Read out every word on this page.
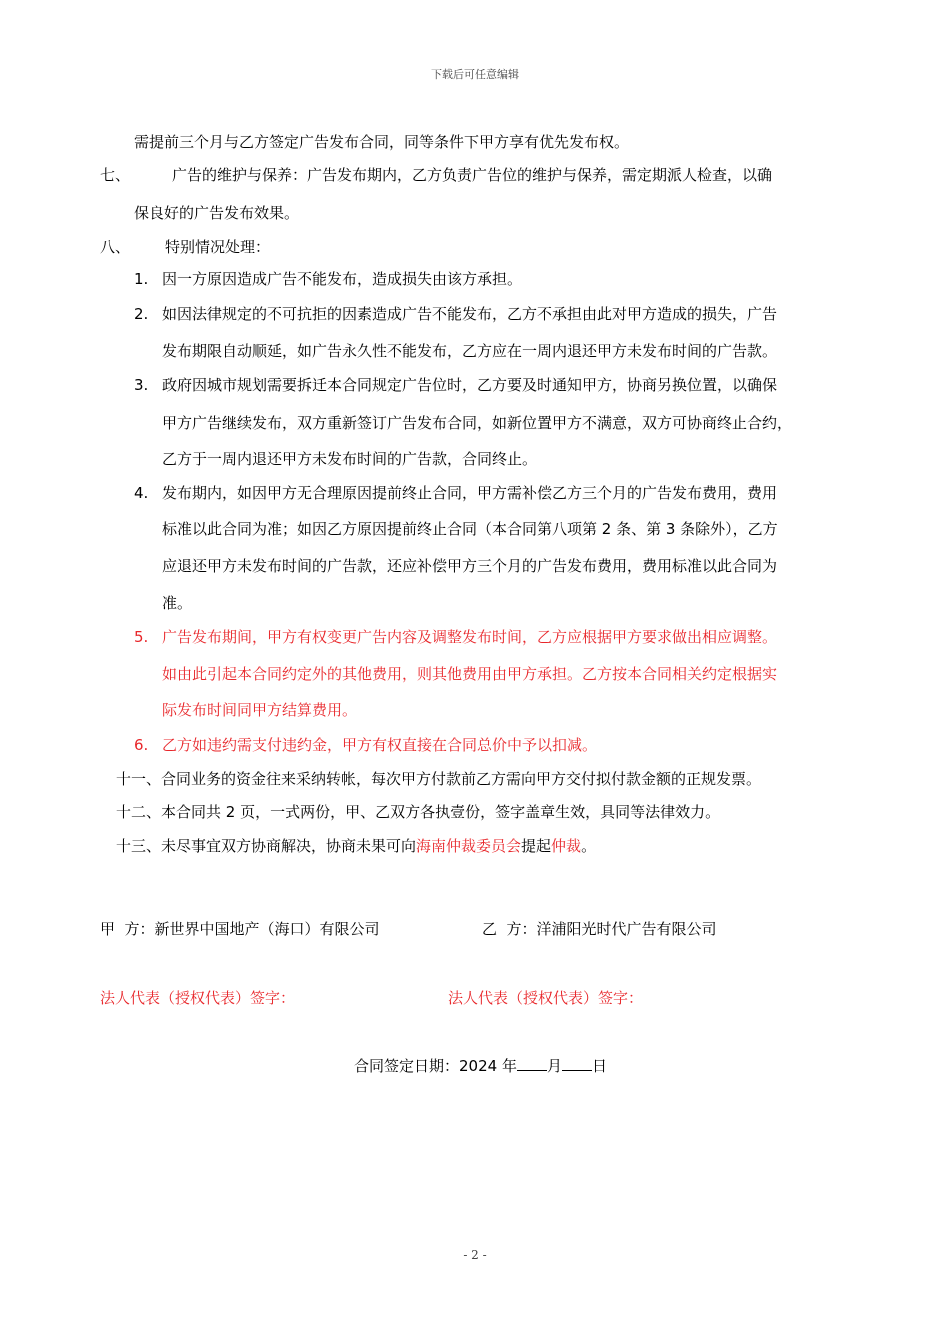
下载后可任意编辑
需提前三个月与乙方签定广告发布合同，同等条件下甲方享有优先发布权。
七、	广告的维护与保养：广告发布期内，乙方负责广告位的维护与保养，需定期派人检查，以确
保良好的广告发布效果。
八、 特别情况处理：
1. 因一方原因造成广告不能发布，造成损失由该方承担。
2. 如因法律规定的不可抗拒的因素造成广告不能发布，乙方不承担由此对甲方造成的损失，广告
发布期限自动顺延，如广告永久性不能发布，乙方应在一周内退还甲方未发布时间的广告款。
3. 政府因城市规划需要拆迁本合同规定广告位时，乙方要及时通知甲方，协商另换位置，以确保
甲方广告继续发布，双方重新签订广告发布合同，如新位置甲方不满意，双方可协商终止合约，
乙方于一周内退还甲方未发布时间的广告款，合同终止。
4. 发布期内，如因甲方无合理原因提前终止合同，甲方需补偿乙方三个月的广告发布费用，费用
标准以此合同为准；如因乙方原因提前终止合同（本合同第八项第 2 条、第 3 条除外），乙方
应退还甲方未发布时间的广告款，还应补偿甲方三个月的广告发布费用，费用标准以此合同为
准。
5. 广告发布期间，甲方有权变更广告内容及调整发布时间，乙方应根据甲方要求做出相应调整。
如由此引起本合同约定外的其他费用，则其他费用由甲方承担。乙方按本合同相关约定根据实
际发布时间同甲方结算费用。
6. 乙方如违约需支付违约金，甲方有权直接在合同总价中予以扣减。
十一、合同业务的资金往来采纳转帐，每次甲方付款前乙方需向甲方交付拟付款金额的正规发票。
十二、本合同共 2 页，一式两份，甲、乙双方各执壹份，签字盖章生效，具同等法律效力。
十三、未尽事宜双方协商解决，协商未果可向海南仲裁委员会提起仲裁。
甲  方：新世界中国地产（海口）有限公司	乙  方：洋浦阳光时代广告有限公司
法人代表（授权代表）签字：	法人代表（授权代表）签字：
合同签定日期：2024 年 月 日
- 2 -
